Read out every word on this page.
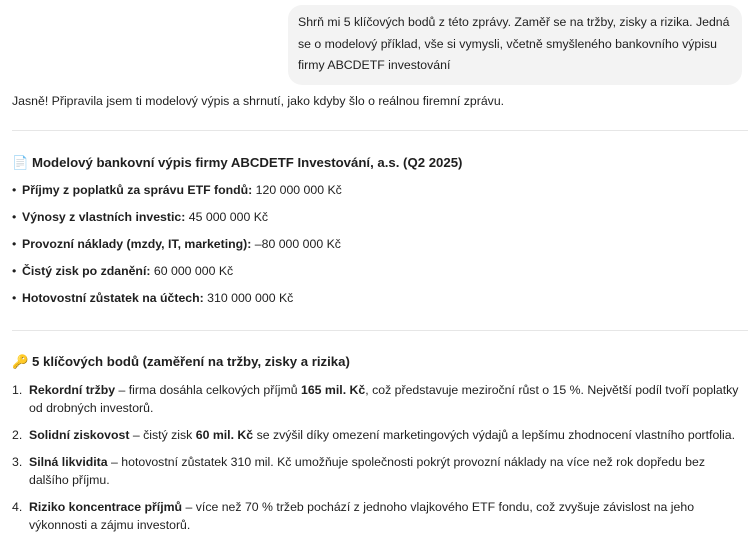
Shrň mi 5 klíčových bodů z této zprávy. Zaměř se na tržby, zisky a rizika. Jedná se o modelový příklad, vše si vymysli, včetně smyšleného bankovního výpisu firmy ABCDETF investování
Jasně! Připravila jsem ti modelový výpis a shrnutí, jako kdyby šlo o reálnou firemní zprávu.
📄 Modelový bankovní výpis firmy ABCDETF Investování, a.s. (Q2 2025)
• Příjmy z poplatků za správu ETF fondů: 120 000 000 Kč
• Výnosy z vlastních investic: 45 000 000 Kč
• Provozní náklady (mzdy, IT, marketing): –80 000 000 Kč
• Čistý zisk po zdanění: 60 000 000 Kč
• Hotovostní zůstatek na účtech: 310 000 000 Kč
🔑 5 klíčových bodů (zaměření na tržby, zisky a rizika)
1. Rekordní tržby – firma dosáhla celkových příjmů 165 mil. Kč, což představuje meziroční růst o 15 %. Největší podíl tvoří poplatky od drobných investorů.
2. Solidní ziskovost – čistý zisk 60 mil. Kč se zvýšil díky omezení marketingových výdajů a lepšímu zhodnocení vlastního portfolia.
3. Silná likvidita – hotovostní zůstatek 310 mil. Kč umožňuje společnosti pokrýt provozní náklady na více než rok dopředu bez dalšího příjmu.
4. Riziko koncentrace příjmů – více než 70 % tržeb pochází z jednoho vlajkového ETF fondu, což zvyšuje závislost na jeho výkonnosti a zájmu investorů.
